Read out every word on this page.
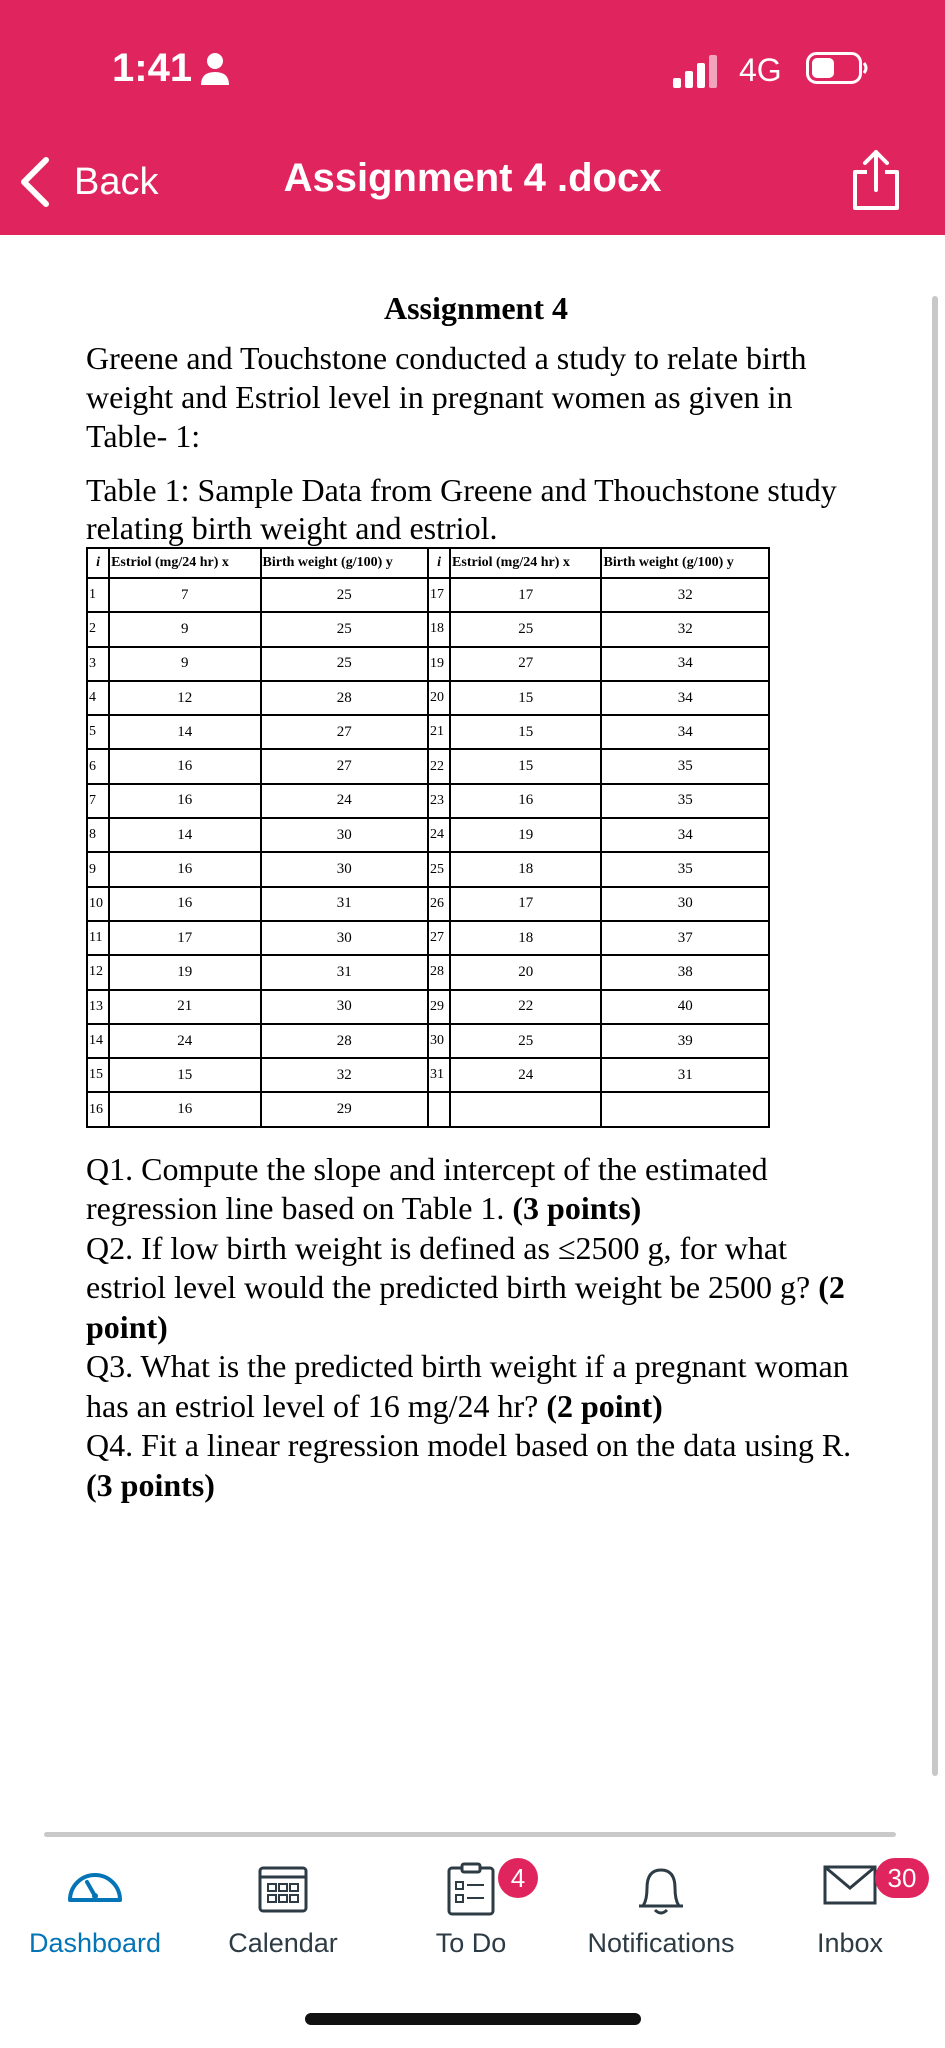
1:41	4G
Back	Assignment 4 .docx
Assignment 4

Greene and Touchstone conducted a study to relate birth weight and Estriol level in pregnant women as given in Table- 1:

Table 1: Sample Data from Greene and Thouchstone study relating birth weight and estriol.

i	Estriol (mg/24 hr) x	Birth weight (g/100) y	i	Estriol (mg/24 hr) x	Birth weight (g/100) y
1	7	25	17	17	32
2	9	25	18	25	32
3	9	25	19	27	34
4	12	28	20	15	34
5	14	27	21	15	34
6	16	27	22	15	35
7	16	24	23	16	35
8	14	30	24	19	34
9	16	30	25	18	35
10	16	31	26	17	30
11	17	30	27	18	37
12	19	31	28	20	38
13	21	30	29	22	40
14	24	28	30	25	39
15	15	32	31	24	31
16	16	29			

Q1. Compute the slope and intercept of the estimated regression line based on Table 1. (3 points)

Q2. If low birth weight is defined as ≤2500 g, for what estriol level would the predicted birth weight be 2500 g? (2 point)

Q3. What is the predicted birth weight if a pregnant woman has an estriol level of 16 mg/24 hr? (2 point)

Q4. Fit a linear regression model based on the data using R. (3 points)

Dashboard	Calendar	To Do
4
Notifications	Inbox
30
